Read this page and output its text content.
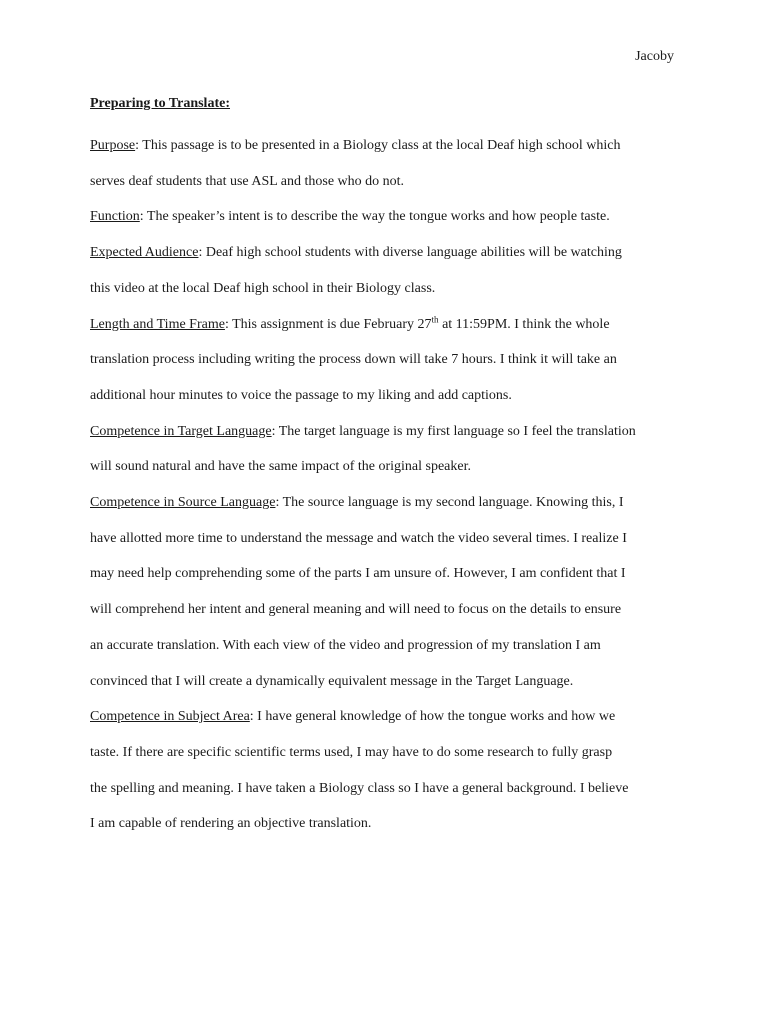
Jacoby

Preparing to Translate:

Purpose: This passage is to be presented in a Biology class at the local Deaf high school which
serves deaf students that use ASL and those who do not.

Function: The speaker’s intent is to describe the way the tongue works and how people taste.

Expected Audience: Deaf high school students with diverse language abilities will be watching
this video at the local Deaf high school in their Biology class.

Length and Time Frame: This assignment is due February 27th at 11:59PM. I think the whole
translation process including writing the process down will take 7 hours. I think it will take an
additional hour minutes to voice the passage to my liking and add captions.

Competence in Target Language: The target language is my first language so I feel the translation
will sound natural and have the same impact of the original speaker.

Competence in Source Language: The source language is my second language. Knowing this, I
have allotted more time to understand the message and watch the video several times. I realize I
may need help comprehending some of the parts I am unsure of. However, I am confident that I
will comprehend her intent and general meaning and will need to focus on the details to ensure
an accurate translation. With each view of the video and progression of my translation I am
convinced that I will create a dynamically equivalent message in the Target Language.

Competence in Subject Area: I have general knowledge of how the tongue works and how we
taste. If there are specific scientific terms used, I may have to do some research to fully grasp
the spelling and meaning. I have taken a Biology class so I have a general background. I believe
I am capable of rendering an objective translation.
